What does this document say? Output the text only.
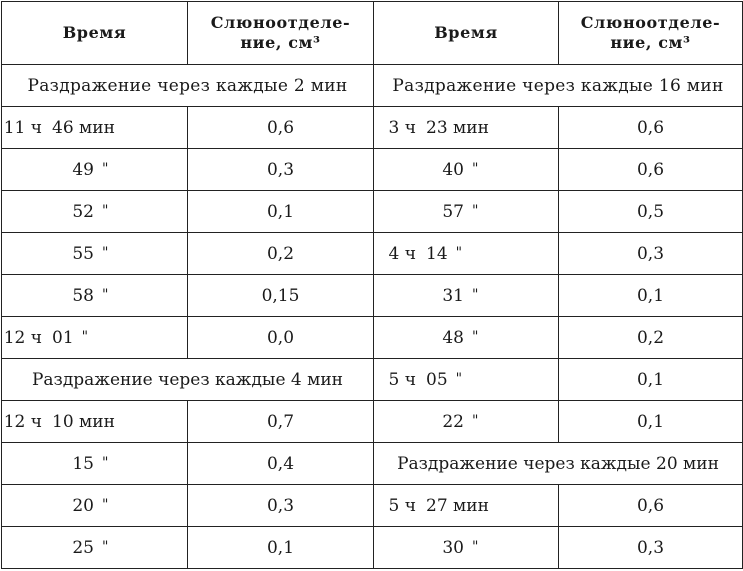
Время	Слюноотделе-
ние, см³	Время	Слюноотделе-
ние, см³

Раздражение через каждые 2 мин		Раздражение через каждые 16 мин	
11 ч 46 мин	0,6	3 ч 23 мин	0,6
49 "	0,3	40 "	0,6
52 "	0,1	57 "	0,5
55 "	0,2	4 ч 14 "	0,3
58 "	0,15	31 "	0,1
12 ч 01 "	0,0	48 "	0,2
Раздражение через каждые 4 мин		5 ч 05 "	0,1
12 ч 10 мин	0,7	22 "	0,1
15 "	0,4	Раздражение через каждые 20 мин	
20 "	0,3	5 ч 27 мин	0,6
25 "	0,1	30 "	0,3
